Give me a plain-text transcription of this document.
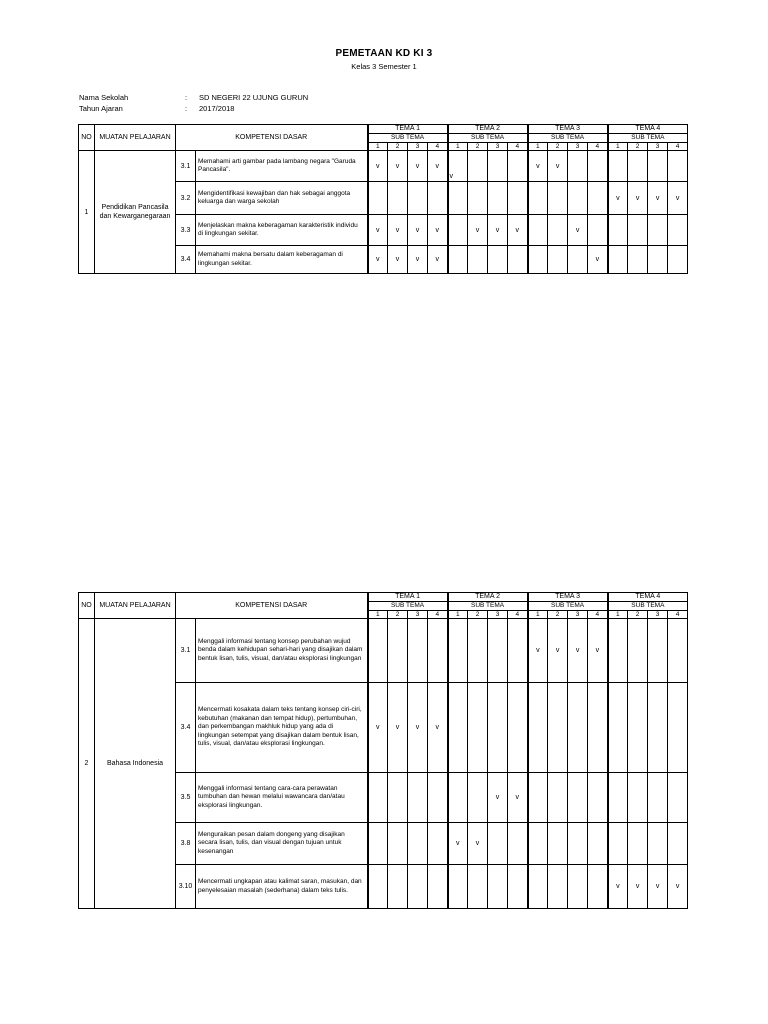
PEMETAAN KD KI 3
Kelas 3 Semester 1
Nama Sekolah	: SD NEGERI 22 UJUNG GURUN
Tahun Ajaran	: 2017/2018
NO	MUATAN PELAJARAN	KOMPETENSI DASAR		TEMA 1				TEMA 2				TEMA 3				TEMA 4			
				SUB TEMA				SUB TEMA				SUB TEMA				SUB TEMA			
				1	2	3	4	1	2	3	4	1	2	3	4	1	2	3	4
1	Pendidikan Pancasila dan Kewarganegaraan	3.1	Memahami arti gambar pada lambang negara "Garuda Pancasila".	v	v	v	v	v				v	v						
		3.2	Mengidentifikasi kewajiban dan hak sebagai anggota keluarga dan warga sekolah													v	v	v	v
		3.3	Menjelaskan makna keberagaman karakteristik individu di lingkungan sekitar.	v	v	v	v		v	v	v			v					
		3.4	Memahami makna bersatu dalam keberagaman di lingkungan sekitar.	v	v	v	v								v				
NO	MUATAN PELAJARAN	KOMPETENSI DASAR		TEMA 1				TEMA 2				TEMA 3				TEMA 4			
				SUB TEMA				SUB TEMA				SUB TEMA				SUB TEMA			
				1	2	3	4	1	2	3	4	1	2	3	4	1	2	3	4
2	Bahasa Indonesia	3.1	Menggali informasi tentang konsep perubahan wujud benda dalam kehidupan sehari-hari yang disajikan dalam bentuk lisan, tulis, visual, dan/atau eksplorasi lingkungan									v	v	v	v				
		3.4	Mencermati kosakata dalam teks tentang konsep ciri-ciri, kebutuhan (makanan dan tempat hidup), pertumbuhan, dan perkembangan makhluk hidup yang ada di lingkungan setempat yang disajikan dalam bentuk lisan, tulis, visual, dan/atau eksplorasi lingkungan.	v	v	v	v												
		3.5	Menggali informasi tentang cara-cara perawatan tumbuhan dan hewan melalui wawancara dan/atau eksplorasi lingkungan.							v	v								
		3.8	Menguraikan pesan dalam dongeng yang disajikan secara lisan, tulis, dan visual dengan tujuan untuk kesenangan					v	v										
		3.10	Mencermati ungkapan atau kalimat saran, masukan, dan penyelesaian masalah (sederhana) dalam teks tulis.													v	v	v	v
